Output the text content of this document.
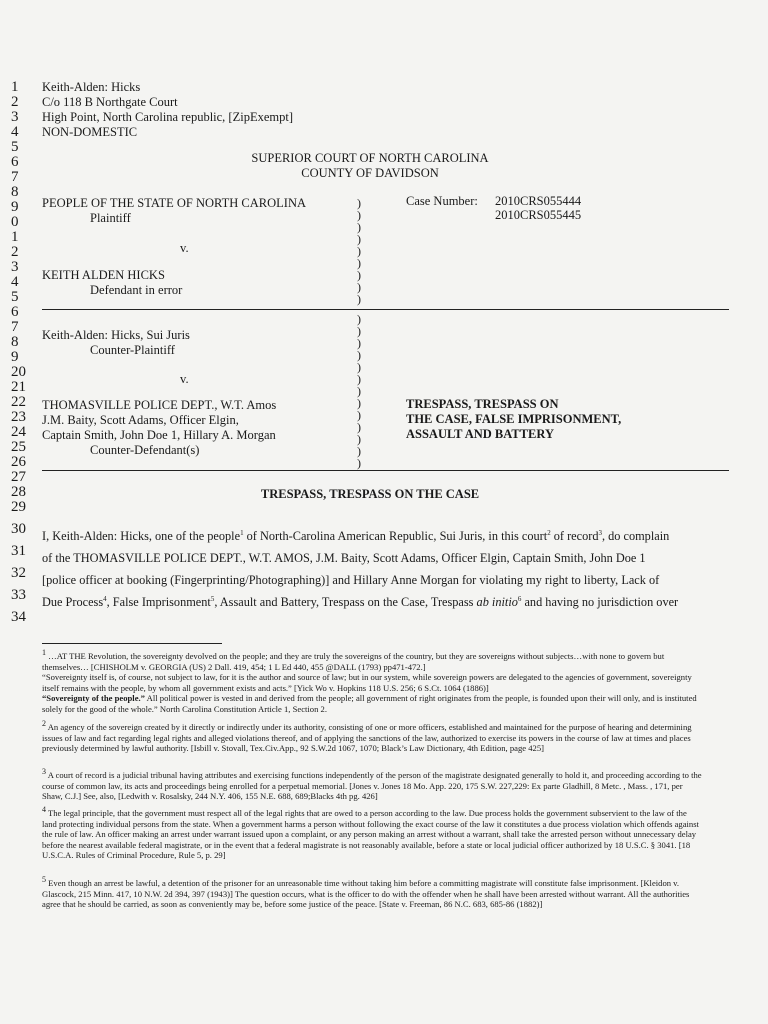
1
2
3
4
5
6
7
8
9
0
1
2
3
4
5
6
7
8
9
20
21
22
23
24
25
26
27
28
29
30
31
32
33
34
Keith-Alden: Hicks
C/o 118 B Northgate Court
High Point, North Carolina republic, [ZipExempt]
NON-DOMESTIC
SUPERIOR COURT OF NORTH CAROLINA
COUNTY OF DAVIDSON
PEOPLE OF THE STATE OF NORTH CAROLINA
Plaintiff
v.
KEITH ALDEN HICKS
Defendant in error
Case Number: 2010CRS055444
2010CRS055445
)
)
)
)
)
)
)
)
)
Keith-Alden: Hicks, Sui Juris
Counter-Plaintiff
v.
THOMASVILLE POLICE DEPT., W.T. Amos
J.M. Baity, Scott Adams, Officer Elgin,
Captain Smith, John Doe 1, Hillary A. Morgan
Counter-Defendant(s)
TRESPASS, TRESPASS ON
THE CASE, FALSE IMPRISONMENT,
ASSAULT AND BATTERY
)
)
)
)
)
)
)
)
)
)
)
)
)
TRESPASS, TRESPASS ON THE CASE
I, Keith-Alden: Hicks, one of the people$^1$ of North-Carolina American Republic, Sui Juris, in this court$^2$ of record$^3$, do complain
of the THOMASVILLE POLICE DEPT., W.T. AMOS, J.M. Baity, Scott Adams, Officer Elgin, Captain Smith, John Doe 1
[police officer at booking (Fingerprinting/Photographing)] and Hillary Anne Morgan for violating my right to liberty, Lack of
Due Process$^4$, False Imprisonment$^5$, Assault and Battery, Trespass on the Case, Trespass ab initio$^6$ and having no jurisdiction over

1 …AT THE Revolution, the sovereignty devolved on the people; and they are truly the sovereigns of the country, but they are sovereigns without subjects…with none to govern but themselves… [CHISHOLM v. GEORGIA (US) 2 Dall. 419, 454; 1 L Ed 440, 455 @DALL (1793) pp471-472.]

“Sovereignty itself is, of course, not subject to law, for it is the author and source of law; but in our system, while sovereign powers are delegated to the agencies of government, sovereignty itself remains with the people, by whom all government exists and acts.” [Yick Wo v. Hopkins 118 U.S. 256; 6 S.Ct. 1064 (1886)]

“Sovereignty of the people.” All political power is vested in and derived from the people; all government of right originates from the people, is founded upon their will only, and is instituted solely for the good of the whole.” North Carolina Constitution Article 1, Section 2.

2 An agency of the sovereign created by it directly or indirectly under its authority, consisting of one or more officers, established and maintained for the purpose of hearing and determining issues of law and fact regarding legal rights and alleged violations thereof, and of applying the sanctions of the law, authorized to exercise its powers in the course of law at times and places previously determined by lawful authority. [Isbill v. Stovall, Tex.Civ.App., 92 S.W.2d 1067, 1070; Black’s Law Dictionary, 4th Edition, page 425]

3 A court of record is a judicial tribunal having attributes and exercising functions independently of the person of the magistrate designated generally to hold it, and proceeding according to the course of common law, its acts and proceedings being enrolled for a perpetual memorial. [Jones v. Jones 18 Mo. App. 220, 175 S.W. 227,229: Ex parte Gladhill, 8 Metc. , Mass. , 171, per Shaw, C.J.] See, also, [Ledwith v. Rosalsky, 244 N.Y. 406, 155 N.E. 688, 689;Blacks 4th pg. 426]

4 The legal principle, that the government must respect all of the legal rights that are owed to a person according to the law. Due process holds the government subservient to the law of the land protecting individual persons from the state. When a government harms a person without following the exact course of the law it constitutes a due process violation which offends against the rule of law. An officer making an arrest under warrant issued upon a complaint, or any person making an arrest without a warrant, shall take the arrested person without unnecessary delay before the nearest available federal magistrate, or in the event that a federal magistrate is not reasonably available, before a state or local judicial officer authorized by 18 U.S.C. § 3041. [18 U.S.C.A. Rules of Criminal Procedure, Rule 5, p. 29]

5 Even though an arrest be lawful, a detention of the prisoner for an unreasonable time without taking him before a committing magistrate will constitute false imprisonment. [Kleidon v. Glascock, 215 Minn. 417, 10 N.W. 2d 394, 397 (1943)] The question occurs, what is the officer to do with the offender when he shall have been arrested without warrant. All the authorities agree that he should be carried, as soon as conveniently may be, before some justice of the peace. [State v. Freeman, 86 N.C. 683, 685-86 (1882)]
